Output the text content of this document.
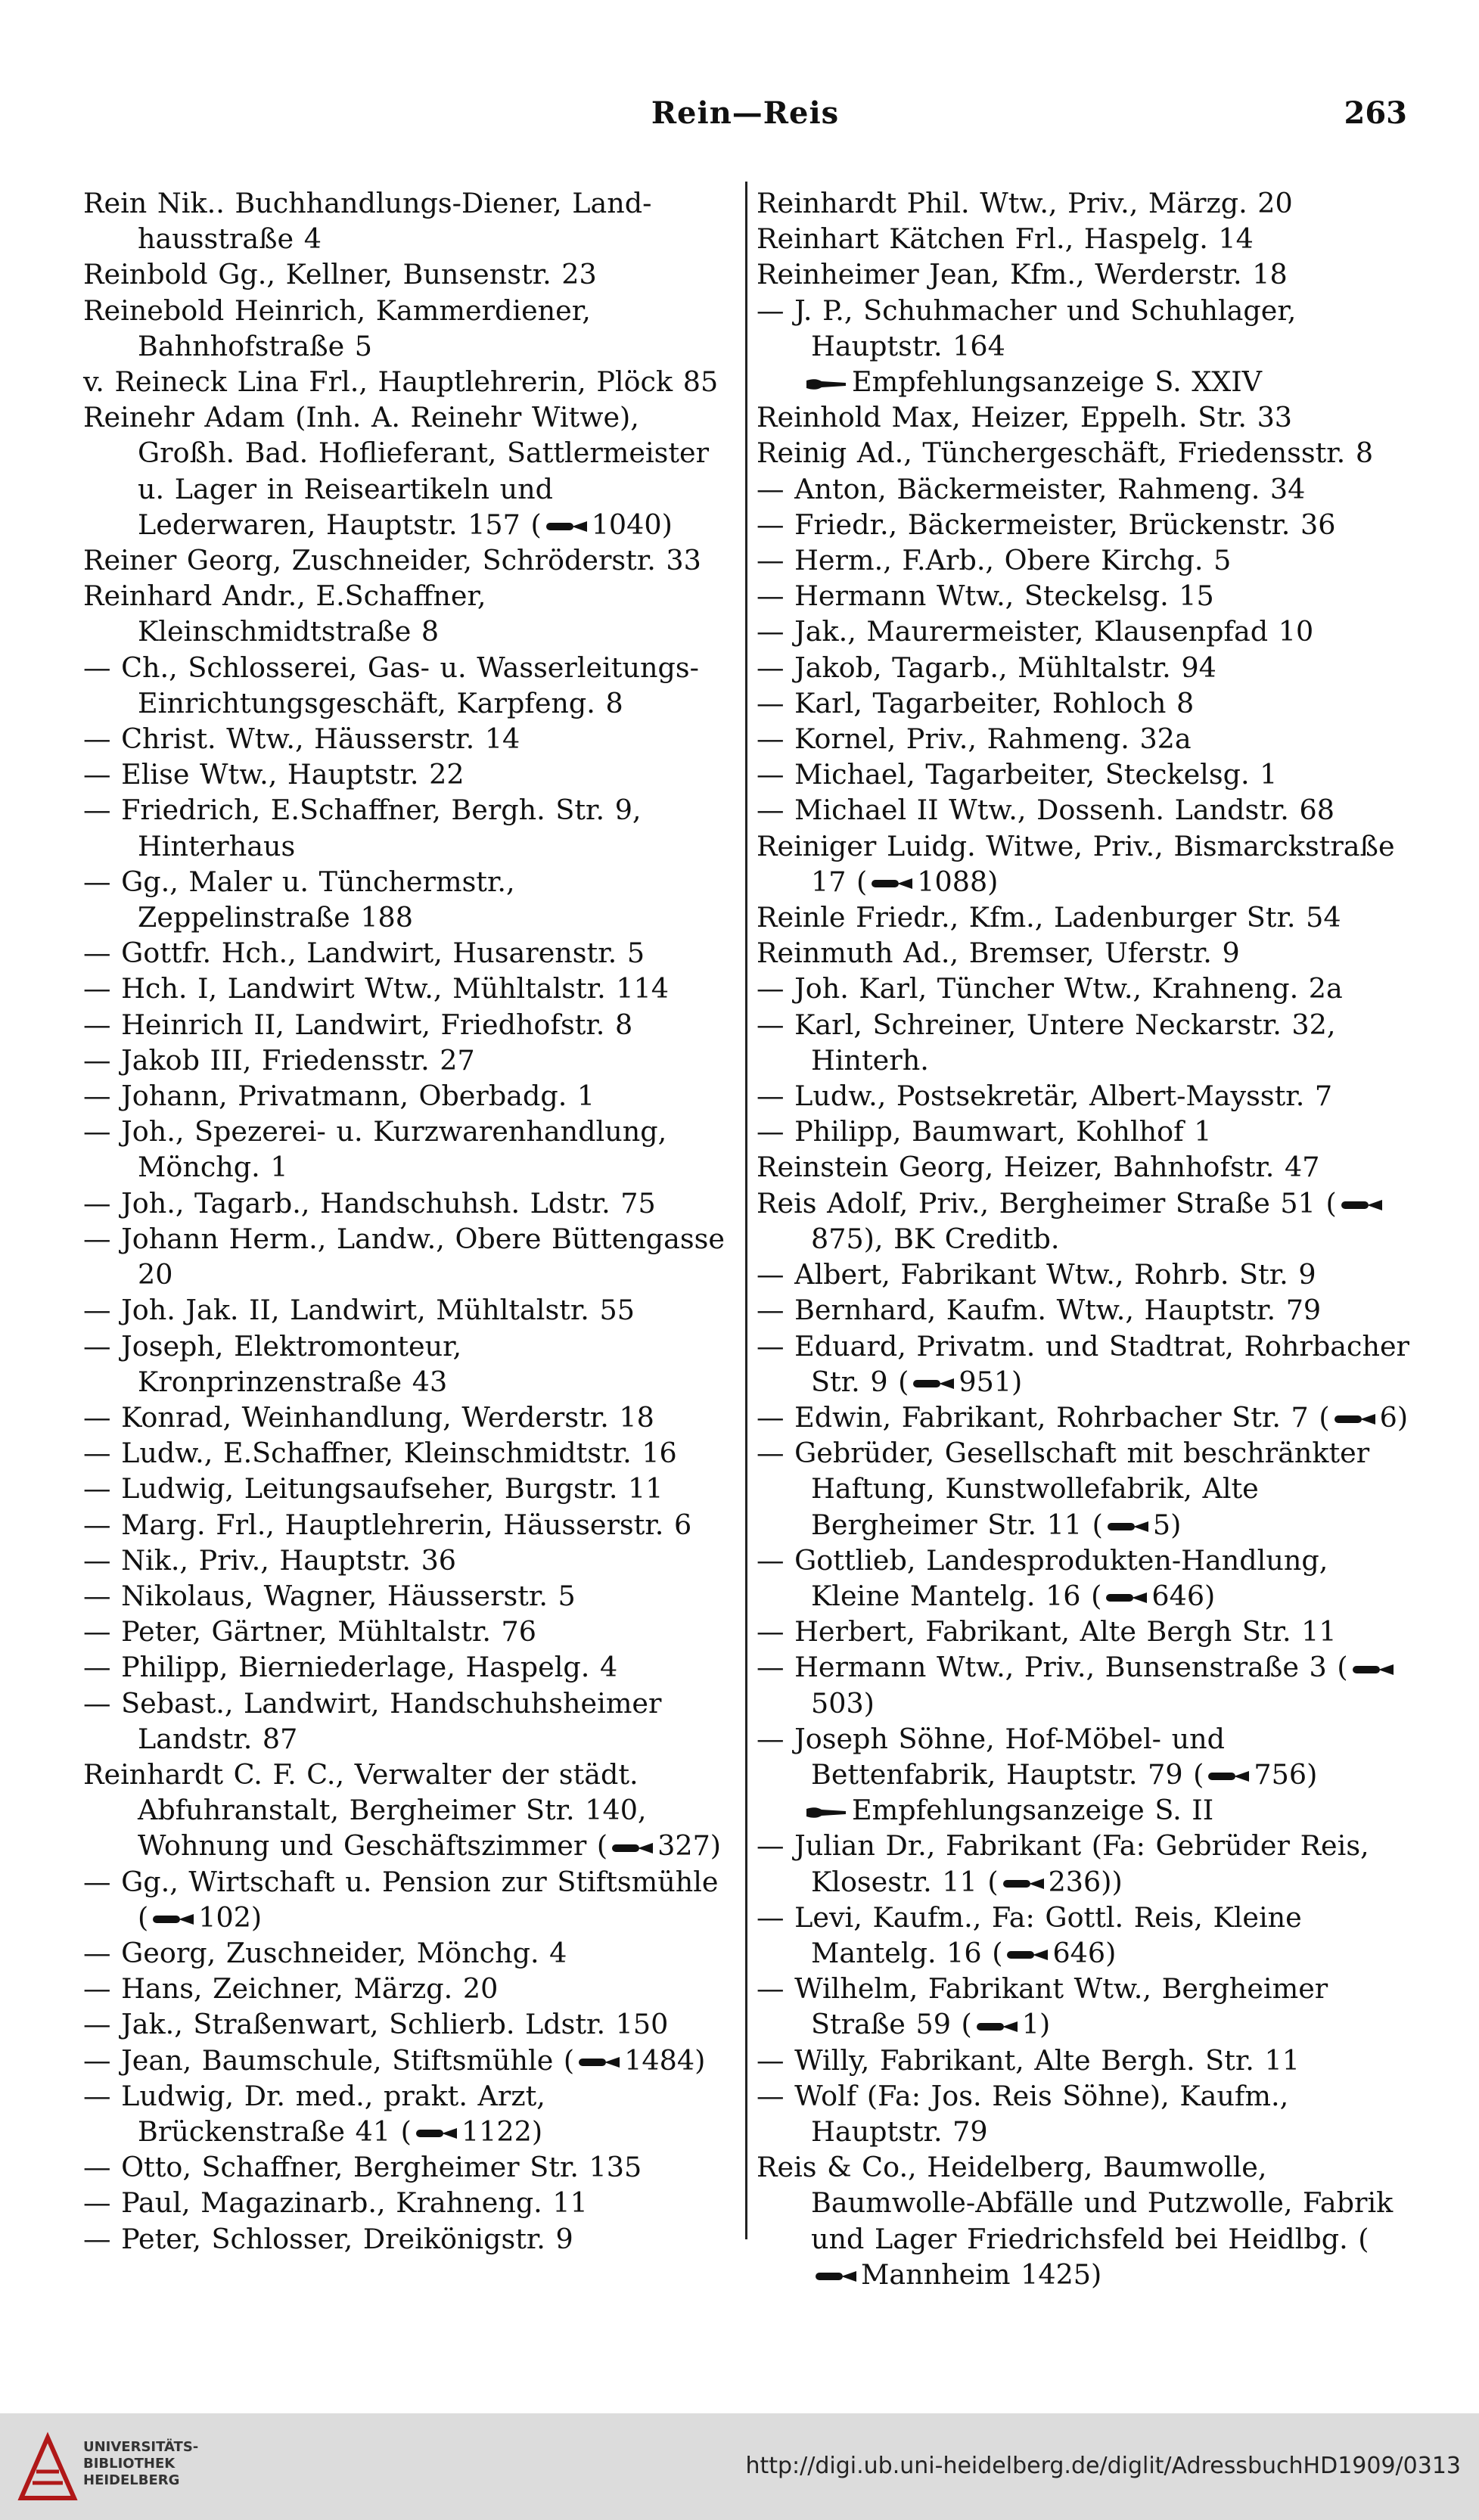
Rein—Reis	263
Rein Nik.. Buchhandlungs-Diener, Land-hausstraße 4
Reinbold Gg., Kellner, Bunsenstr. 23
Reinebold Heinrich, Kammerdiener, Bahnhofstraße 5
v. Reineck Lina Frl., Hauptlehrerin, Plöck 85
Reinehr Adam (Inh. A. Reinehr Witwe), Großh. Bad. Hoflieferant, Sattlermeister u. Lager in Reiseartikeln und Lederwaren, Hauptstr. 157 ( 1040)
Reiner Georg, Zuschneider, Schröderstr. 33
Reinhard Andr., E.Schaffner, Kleinschmidtstraße 8
— Ch., Schlosserei, Gas- u. Wasserleitungs-Einrichtungsgeschäft, Karpfeng. 8
— Christ. Wtw., Häusserstr. 14
— Elise Wtw., Hauptstr. 22
— Friedrich, E.Schaffner, Bergh. Str. 9, Hinterhaus
— Gg., Maler u. Tünchermstr., Zeppelinstraße 188
— Gottfr. Hch., Landwirt, Husarenstr. 5
— Hch. I, Landwirt Wtw., Mühltalstr. 114
— Heinrich II, Landwirt, Friedhofstr. 8
— Jakob III, Friedensstr. 27
— Johann, Privatmann, Oberbadg. 1
— Joh., Spezerei- u. Kurzwarenhandlung, Mönchg. 1
— Joh., Tagarb., Handschuhsh. Ldstr. 75
— Johann Herm., Landw., Obere Büttengasse 20
— Joh. Jak. II, Landwirt, Mühltalstr. 55
— Joseph, Elektromonteur, Kronprinzenstraße 43
— Konrad, Weinhandlung, Werderstr. 18
— Ludw., E.Schaffner, Kleinschmidtstr. 16
— Ludwig, Leitungsaufseher, Burgstr. 11
— Marg. Frl., Hauptlehrerin, Häusserstr. 6
— Nik., Priv., Hauptstr. 36
— Nikolaus, Wagner, Häusserstr. 5
— Peter, Gärtner, Mühltalstr. 76
— Philipp, Bierniederlage, Haspelg. 4
— Sebast., Landwirt, Handschuhsheimer Landstr. 87
Reinhardt C. F. C., Verwalter der städt. Abfuhranstalt, Bergheimer Str. 140, Wohnung und Geschäftszimmer ( 327)
— Gg., Wirtschaft u. Pension zur Stiftsmühle ( 102)
— Georg, Zuschneider, Mönchg. 4
— Hans, Zeichner, Märzg. 20
— Jak., Straßenwart, Schlierb. Ldstr. 150
— Jean, Baumschule, Stiftsmühle ( 1484)
— Ludwig, Dr. med., prakt. Arzt, Brückenstraße 41 ( 1122)
— Otto, Schaffner, Bergheimer Str. 135
— Paul, Magazinarb., Krahneng. 11
— Peter, Schlosser, Dreikönigstr. 9
Reinhardt Phil. Wtw., Priv., Märzg. 20
Reinhart Kätchen Frl., Haspelg. 14
Reinheimer Jean, Kfm., Werderstr. 18
— J. P., Schuhmacher und Schuhlager, Hauptstr. 164
Empfehlungsanzeige S. XXIV
Reinhold Max, Heizer, Eppelh. Str. 33
Reinig Ad., Tünchergeschäft, Friedensstr. 8
— Anton, Bäckermeister, Rahmeng. 34
— Friedr., Bäckermeister, Brückenstr. 36
— Herm., F.Arb., Obere Kirchg. 5
— Hermann Wtw., Steckelsg. 15
— Jak., Maurermeister, Klausenpfad 10
— Jakob, Tagarb., Mühltalstr. 94
— Karl, Tagarbeiter, Rohloch 8
— Kornel, Priv., Rahmeng. 32a
— Michael, Tagarbeiter, Steckelsg. 1
— Michael II Wtw., Dossenh. Landstr. 68
Reiniger Luidg. Witwe, Priv., Bismarckstraße 17 ( 1088)
Reinle Friedr., Kfm., Ladenburger Str. 54
Reinmuth Ad., Bremser, Uferstr. 9
— Joh. Karl, Tüncher Wtw., Krahneng. 2a
— Karl, Schreiner, Untere Neckarstr. 32, Hinterh.
— Ludw., Postsekretär, Albert-Maysstr. 7
— Philipp, Baumwart, Kohlhof 1
Reinstein Georg, Heizer, Bahnhofstr. 47
Reis Adolf, Priv., Bergheimer Straße 51 (
875), BK Creditb.
— Albert, Fabrikant Wtw., Rohrb. Str. 9
— Bernhard, Kaufm. Wtw., Hauptstr. 79
— Eduard, Privatm. und Stadtrat, Rohrbacher Str. 9 ( 951)
— Edwin, Fabrikant, Rohrbacher Str. 7 ( 6)
— Gebrüder, Gesellschaft mit beschränkter Haftung, Kunstwollefabrik, Alte Bergheimer Str. 11 ( 5)
— Gottlieb, Landesprodukten-Handlung, Kleine Mantelg. 16 ( 646)
— Herbert, Fabrikant, Alte Bergh Str. 11
— Hermann Wtw., Priv., Bunsenstraße 3 (
503)
— Joseph Söhne, Hof-Möbel- und Bettenfabrik, Hauptstr. 79 ( 756)
Empfehlungsanzeige S. II
— Julian Dr., Fabrikant (Fa: Gebrüder Reis, Klosestr. 11 ( 236))
— Levi, Kaufm., Fa: Gottl. Reis, Kleine Mantelg. 16 ( 646)
— Wilhelm, Fabrikant Wtw., Bergheimer Straße 59 ( 1)
— Willy, Fabrikant, Alte Bergh. Str. 11
— Wolf (Fa: Jos. Reis Söhne), Kaufm., Hauptstr. 79
Reis & Co., Heidelberg, Baumwolle, Baumwolle-Abfälle und Putzwolle, Fabrik und Lager Friedrichsfeld bei Heidlbg. (
Mannheim 1425)
UNIVERSITÄTS-
BIBLIOTHEK
HEIDELBERG
http://digi.ub.uni-heidelberg.de/diglit/AdressbuchHD1909/0313
